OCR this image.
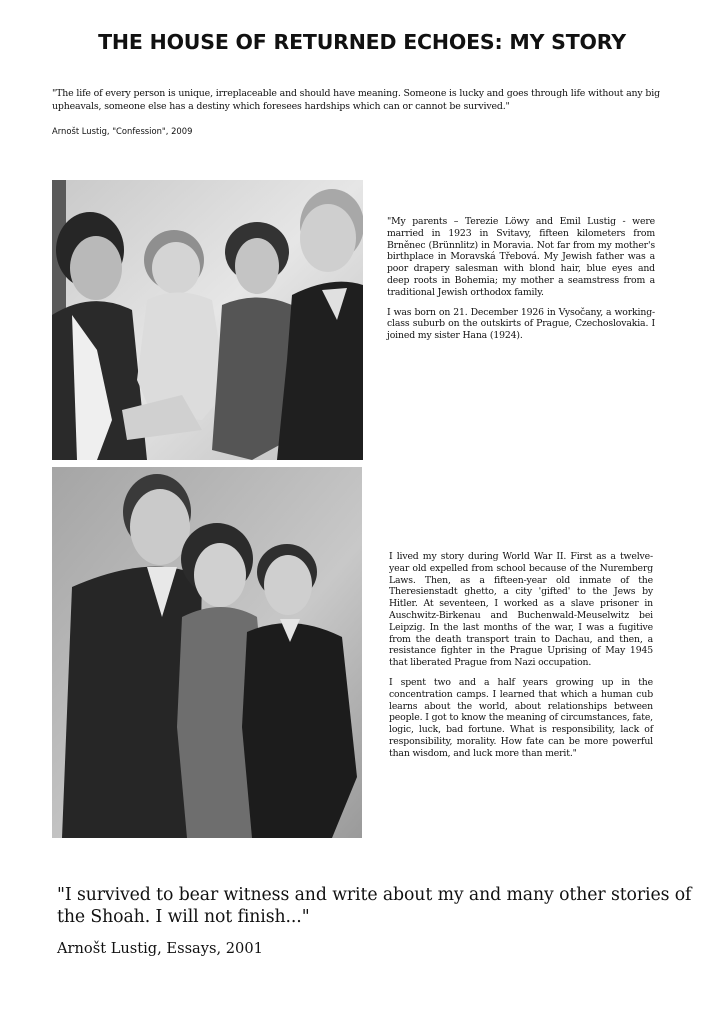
THE HOUSE OF RETURNED ECHOES: MY STORY

"The life of every person is unique, irreplaceable and should have meaning. Someone is lucky and goes through life without any big upheavals, someone else has a destiny which foresees hardships which can or cannot be survived."

Arnošt Lustig, "Confession", 2009

"My parents – Terezie Löwy and Emil Lustig - were married in 1923 in Svitavy, fifteen kilometers from Brněnec (Brünnlitz) in Moravia. Not far from my mother's birthplace in Moravská Třebová. My Jewish father was a poor drapery salesman with blond hair, blue eyes and deep roots in Bohemia; my mother a seamstress from a traditional Jewish orthodox family.

I was born on 21. December 1926 in Vysočany, a working-class suburb on the outskirts of Prague, Czechoslovakia. I joined my sister Hana (1924).

I lived my story during World War II. First as a twelve-year old expelled from school because of the Nuremberg Laws. Then, as a fifteen-year old inmate of the Theresienstadt ghetto, a city 'gifted' to the Jews by Hitler. At seventeen, I worked as a slave prisoner in Auschwitz-Birkenau and Buchenwald-Meuselwitz bei Leipzig. In the last months of the war, I was a fugitive from the death transport train to Dachau, and then, a resistance fighter in the Prague Uprising of May 1945 that liberated Prague from Nazi occupation.

I spent two and a half years growing up in the concentration camps. I learned that which a human cub learns about the world, about relationships between people. I got to know the meaning of circumstances, fate, logic, luck, bad fortune. What is responsibility, lack of responsibility, morality. How fate can be more powerful than wisdom, and luck more than merit."

"I survived to bear witness and write about my and many other stories of the Shoah. I will not finish..."

Arnošt Lustig, Essays, 2001
